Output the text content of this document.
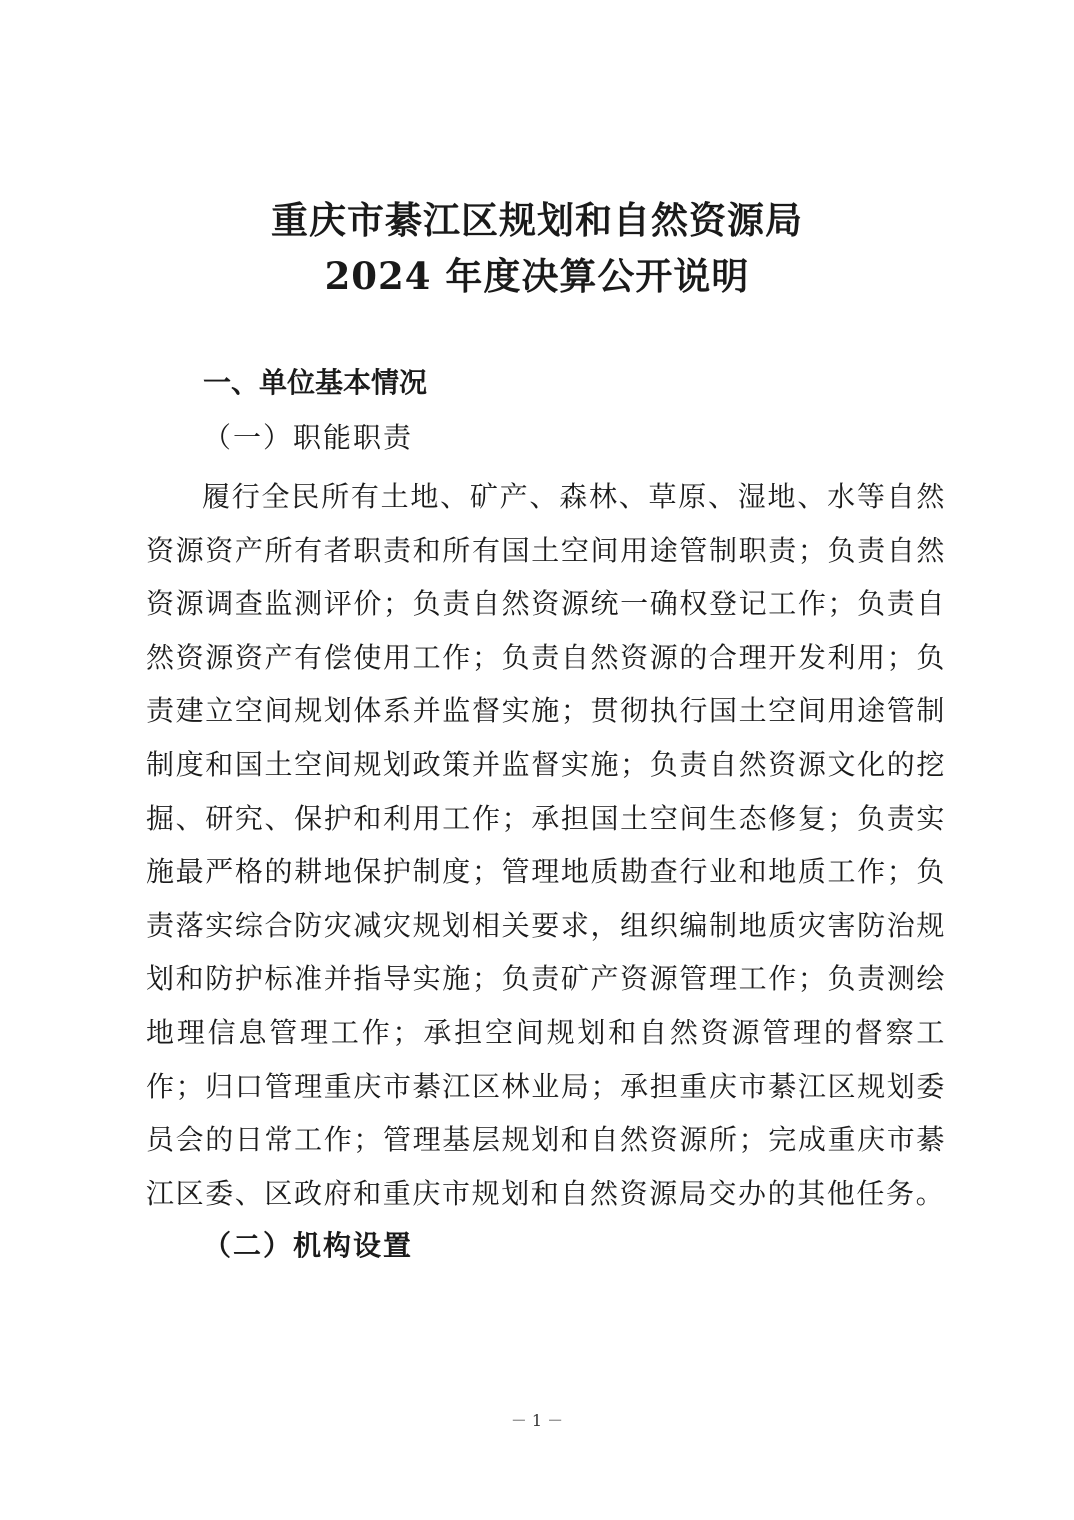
重庆市綦江区规划和自然资源局
2024 年度决算公开说明
一、单位基本情况
（一）职能职责

履行全民所有土地、矿产、森林、草原、湿地、水等自然资源资产所有者职责和所有国土空间用途管制职责；负责自然资源调查监测评价；负责自然资源统一确权登记工作；负责自然资源资产有偿使用工作；负责自然资源的合理开发利用；负责建立空间规划体系并监督实施；贯彻执行国土空间用途管制制度和国土空间规划政策并监督实施；负责自然资源文化的挖掘、研究、保护和利用工作；承担国土空间生态修复；负责实施最严格的耕地保护制度；管理地质勘查行业和地质工作；负责落实综合防灾减灾规划相关要求，组织编制地质灾害防治规划和防护标准并指导实施；负责矿产资源管理工作；负责测绘地理信息管理工作；承担空间规划和自然资源管理的督察工作；归口管理重庆市綦江区林业局；承担重庆市綦江区规划委员会的日常工作；管理基层规划和自然资源所；完成重庆市綦江区委、区政府和重庆市规划和自然资源局交办的其他任务。

（二）机构设置
－ 1 －
